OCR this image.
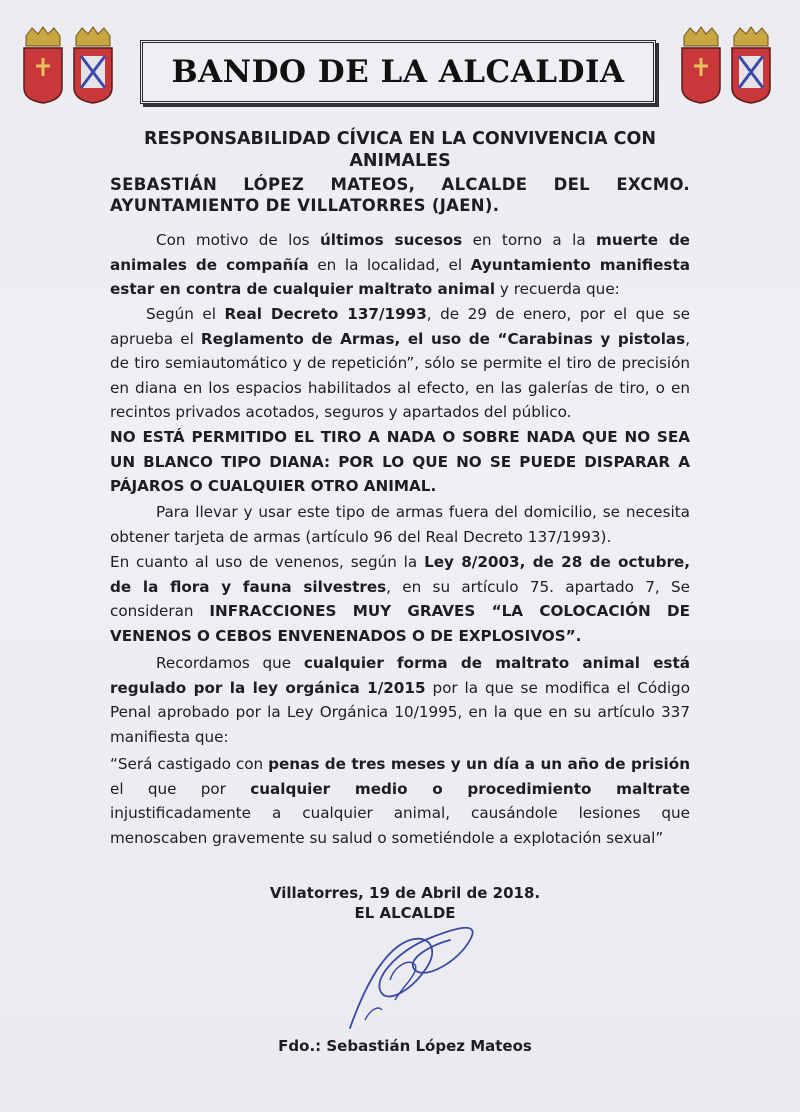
BANDO DE LA ALCALDIA
RESPONSABILIDAD CÍVICA EN LA CONVIVENCIA CON
ANIMALES
SEBASTIÁN LÓPEZ MATEOS, ALCALDE DEL EXCMO.
AYUNTAMIENTO DE VILLATORRES (JAEN).
Con motivo de los últimos sucesos en torno a la muerte de animales de compañía en la localidad, el Ayuntamiento manifiesta estar en contra de cualquier maltrato animal y recuerda que:
Según el Real Decreto 137/1993, de 29 de enero, por el que se aprueba el Reglamento de Armas, el uso de “Carabinas y pistolas, de tiro semiautomático y de repetición”, sólo se permite el tiro de precisión en diana en los espacios habilitados al efecto, en las galerías de tiro, o en recintos privados acotados, seguros y apartados del público.
NO ESTÁ PERMITIDO EL TIRO A NADA O SOBRE NADA QUE NO SEA UN BLANCO TIPO DIANA: POR LO QUE NO SE PUEDE DISPARAR A PÁJAROS O CUALQUIER OTRO ANIMAL.
Para llevar y usar este tipo de armas fuera del domicilio, se necesita obtener tarjeta de armas (artículo 96 del Real Decreto 137/1993).
En cuanto al uso de venenos, según la Ley 8/2003, de 28 de octubre, de la flora y fauna silvestres, en su artículo 75. apartado 7, Se consideran INFRACCIONES MUY GRAVES “LA COLOCACIÓN DE VENENOS O CEBOS ENVENENADOS O DE EXPLOSIVOS”.
Recordamos que cualquier forma de maltrato animal está regulado por la ley orgánica 1/2015 por la que se modifica el Código Penal aprobado por la Ley Orgánica 10/1995, en la que en su artículo 337 manifiesta que:
“Será castigado con penas de tres meses y un día a un año de prisión el que por cualquier medio o procedimiento maltrate injustificadamente a cualquier animal, causándole lesiones que menoscaben gravemente su salud o sometiéndole a explotación sexual”
Villatorres, 19 de Abril de 2018.
EL ALCALDE
Fdo.: Sebastián López Mateos
